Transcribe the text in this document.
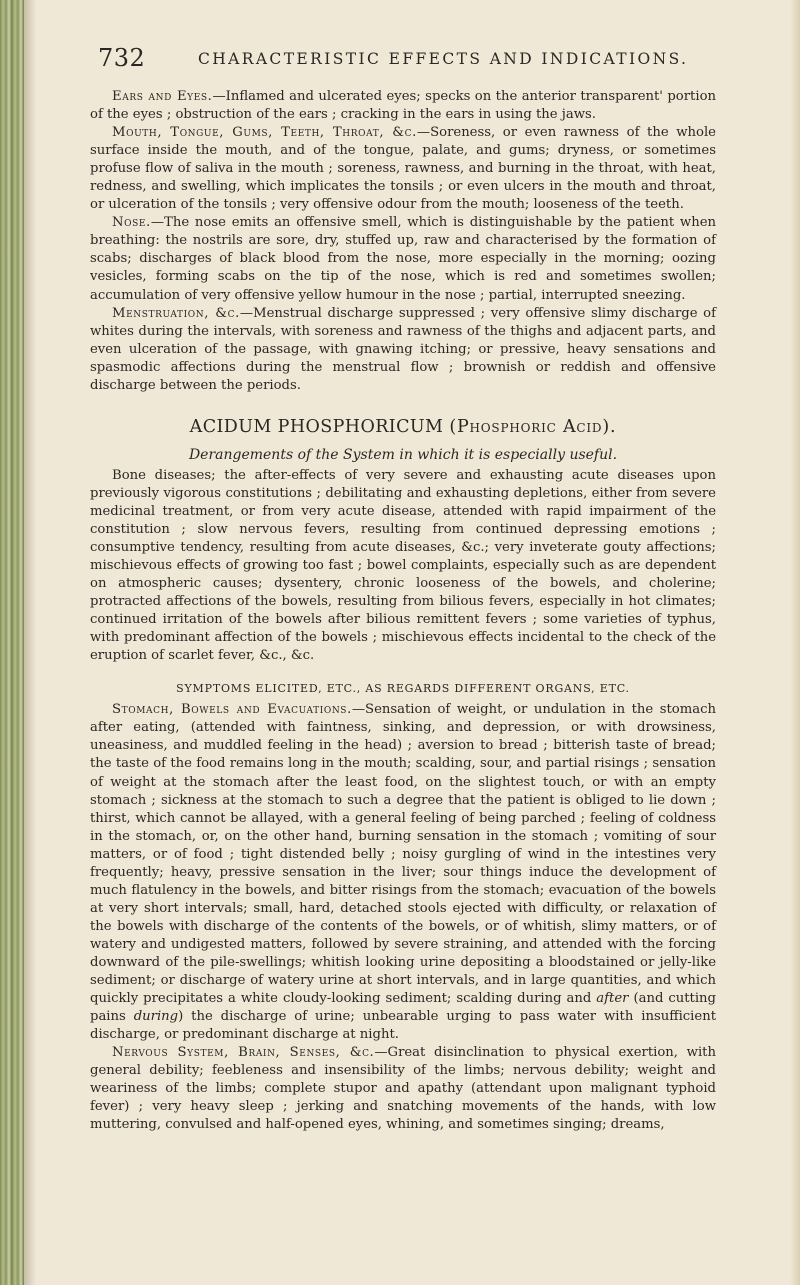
732	CHARACTERISTIC EFFECTS AND INDICATIONS.

Ears and Eyes.—Inflamed and ulcerated eyes; specks on the anterior transparent' portion of the eyes ; obstruction of the ears ; cracking in the ears in using the jaws.

Mouth, Tongue, Gums, Teeth, Throat, &c.—Soreness, or even rawness of the whole surface inside the mouth, and of the tongue, palate, and gums; dryness, or sometimes profuse flow of saliva in the mouth ; soreness, rawness, and burning in the throat, with heat, redness, and swelling, which implicates the tonsils ; or even ulcers in the mouth and throat, or ulceration of the tonsils ; very offensive odour from the mouth; looseness of the teeth.

Nose.—The nose emits an offensive smell, which is distinguishable by the patient when breathing: the nostrils are sore, dry, stuffed up, raw and characterised by the formation of scabs; discharges of black blood from the nose, more especially in the morning; oozing vesicles, forming scabs on the tip of the nose, which is red and sometimes swollen; accumulation of very offensive yellow humour in the nose ; partial, interrupted sneezing.

Menstruation, &c.—Menstrual discharge suppressed ; very offensive slimy discharge of whites during the intervals, with soreness and rawness of the thighs and adjacent parts, and even ulceration of the passage, with gnawing itching; or pressive, heavy sensations and spasmodic affections during the menstrual flow ; brownish or reddish and offensive discharge between the periods.

ACIDUM PHOSPHORICUM (Phosphoric Acid).
Derangements of the System in which it is especially useful.

Bone diseases; the after-effects of very severe and exhausting acute diseases upon previously vigorous constitutions ; debilitating and exhausting depletions, either from severe medicinal treatment, or from very acute disease, attended with rapid impairment of the constitution ; slow nervous fevers, resulting from continued depressing emotions ; consumptive tendency, resulting from acute diseases, &c.; very inveterate gouty affections; mischievous effects of growing too fast ; bowel complaints, especially such as are dependent on atmospheric causes; dysentery, chronic looseness of the bowels, and cholerine; protracted affections of the bowels, resulting from bilious fevers, especially in hot climates; continued irritation of the bowels after bilious remittent fevers ; some varieties of typhus, with predominant affection of the bowels ; mischievous effects incidental to the check of the eruption of scarlet fever, &c., &c.

SYMPTOMS ELICITED, ETC., AS REGARDS DIFFERENT ORGANS, ETC.

Stomach, Bowels and Evacuations.—Sensation of weight, or undulation in the stomach after eating, (attended with faintness, sinking, and depression, or with drowsiness, uneasiness, and muddled feeling in the head) ; aversion to bread ; bitterish taste of bread; the taste of the food remains long in the mouth; scalding, sour, and partial risings ; sensation of weight at the stomach after the least food, on the slightest touch, or with an empty stomach ; sickness at the stomach to such a degree that the patient is obliged to lie down ; thirst, which cannot be allayed, with a general feeling of being parched ; feeling of coldness in the stomach, or, on the other hand, burning sensation in the stomach ; vomiting of sour matters, or of food ; tight distended belly ; noisy gurgling of wind in the intestines very frequently; heavy, pressive sensation in the liver; sour things induce the development of much flatulency in the bowels, and bitter risings from the stomach; evacuation of the bowels at very short intervals; small, hard, detached stools ejected with difficulty, or relaxation of the bowels with discharge of the contents of the bowels, or of whitish, slimy matters, or of watery and undigested matters, followed by severe straining, and attended with the forcing downward of the pile-swellings; whitish looking urine depositing a bloodstained or jelly-like sediment; or discharge of watery urine at short intervals, and in large quantities, and which quickly precipitates a white cloudy-looking sediment; scalding during and after (and cutting pains during) the discharge of urine; unbearable urging to pass water with insufficient discharge, or predominant discharge at night.

Nervous System, Brain, Senses, &c.—Great disinclination to physical exertion, with general debility; feebleness and insensibility of the limbs; nervous debility; weight and weariness of the limbs; complete stupor and apathy (attendant upon malignant typhoid fever) ; very heavy sleep ; jerking and snatching movements of the hands, with low muttering, convulsed and half-opened eyes, whining, and sometimes singing; dreams,
